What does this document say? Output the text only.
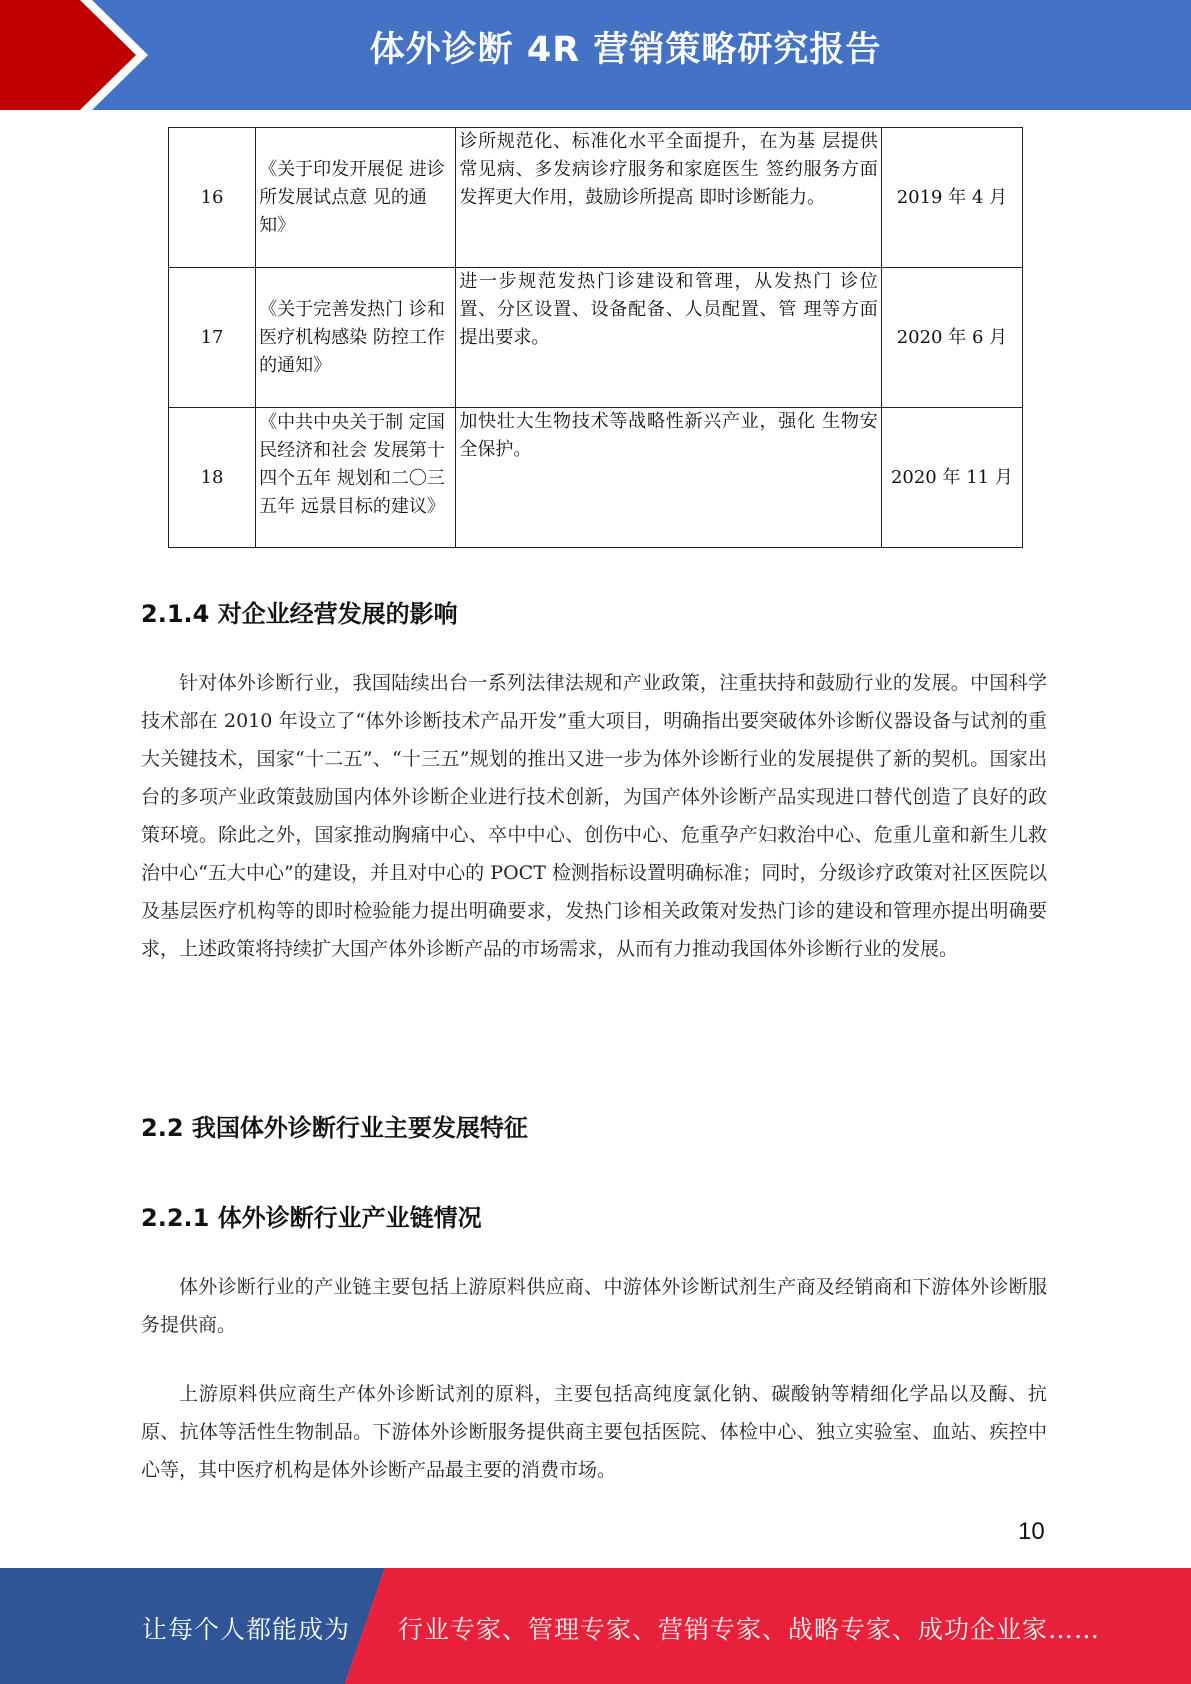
体外诊断 4R 营销策略研究报告
16	《关于印发开展促 进诊所发展试点意 见的通知》	诊所规范化、标准化水平全面提升，在为基 层提供常见病、多发病诊疗服务和家庭医生 签约服务方面发挥更大作用，鼓励诊所提高 即时诊断能力。	2019 年 4 月
17	《关于完善发热门 诊和医疗机构感染 防控工作的通知》	进一步规范发热门诊建设和管理，从发热门 诊位置、分区设置、设备配备、人员配置、管 理等方面提出要求。	2020 年 6 月
18	《中共中央关于制 定国民经济和社会 发展第十四个五年 规划和二〇三五年 远景目标的建议》	加快壮大生物技术等战略性新兴产业，强化 生物安全保护。	2020 年 11 月
2.1.4 对企业经营发展的影响
针对体外诊断行业，我国陆续出台一系列法律法规和产业政策，注重扶持和鼓励行业的发展。中国科学技术部在 2010 年设立了“体外诊断技术产品开发”重大项目，明确指出要突破体外诊断仪器设备与试剂的重大关键技术，国家“十二五”、“十三五”规划的推出又进一步为体外诊断行业的发展提供了新的契机。国家出台的多项产业政策鼓励国内体外诊断企业进行技术创新，为国产体外诊断产品实现进口替代创造了良好的政策环境。除此之外，国家推动胸痛中心、卒中中心、创伤中心、危重孕产妇救治中心、危重儿童和新生儿救治中心“五大中心”的建设，并且对中心的 POCT 检测指标设置明确标准；同时，分级诊疗政策对社区医院以及基层医疗机构等的即时检验能力提出明确要求，发热门诊相关政策对发热门诊的建设和管理亦提出明确要求，上述政策将持续扩大国产体外诊断产品的市场需求，从而有力推动我国体外诊断行业的发展。
2.2 我国体外诊断行业主要发展特征
2.2.1 体外诊断行业产业链情况
体外诊断行业的产业链主要包括上游原料供应商、中游体外诊断试剂生产商及经销商和下游体外诊断服务提供商。
上游原料供应商生产体外诊断试剂的原料，主要包括高纯度氯化钠、碳酸钠等精细化学品以及酶、抗原、抗体等活性生物制品。下游体外诊断服务提供商主要包括医院、体检中心、独立实验室、血站、疾控中心等，其中医疗机构是体外诊断产品最主要的消费市场。
10
让每个人都能成为 行业专家、管理专家、营销专家、战略专家、成功企业家……
